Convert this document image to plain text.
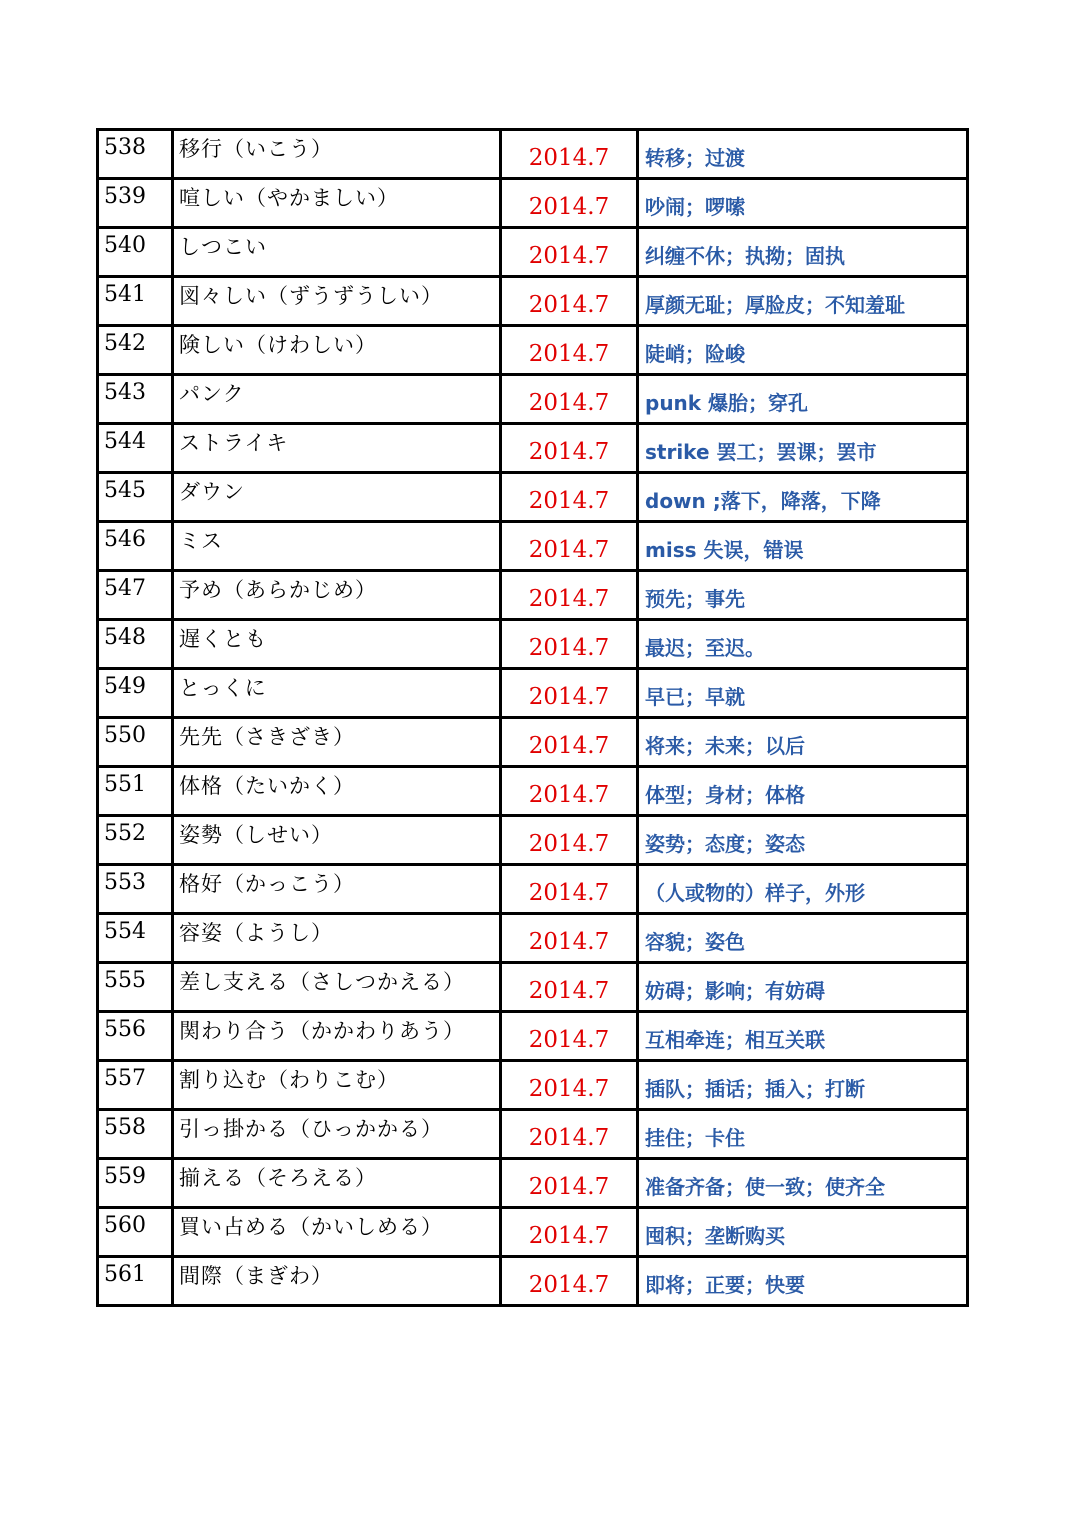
538	移行（いこう）	2014.7	转移；过渡
539	喧しい（やかましい）	2014.7	吵闹；啰嗦
540	しつこい	2014.7	纠缠不休；执拗；固执
541	図々しい（ずうずうしい）	2014.7	厚颜无耻；厚脸皮；不知羞耻
542	険しい（けわしい）	2014.7	陡峭；险峻
543	パンク	2014.7	punk 爆胎；穿孔
544	ストライキ	2014.7	strike 罢工；罢课；罢市
545	ダウン	2014.7	down ;落下，降落，下降
546	ミス	2014.7	miss 失误，错误
547	予め（あらかじめ）	2014.7	预先；事先
548	遅くとも	2014.7	最迟；至迟。
549	とっくに	2014.7	早已；早就
550	先先（さきざき）	2014.7	将来；未来；以后
551	体格（たいかく）	2014.7	体型；身材；体格
552	姿勢（しせい）	2014.7	姿势；态度；姿态
553	格好（かっこう）	2014.7	（人或物的）样子，外形
554	容姿（ようし）	2014.7	容貌；姿色
555	差し支える（さしつかえる）	2014.7	妨碍；影响；有妨碍
556	関わり合う（かかわりあう）	2014.7	互相牵连；相互关联
557	割り込む（わりこむ）	2014.7	插队；插话；插入；打断
558	引っ掛かる（ひっかかる）	2014.7	挂住；卡住
559	揃える（そろえる）	2014.7	准备齐备；使一致；使齐全
560	買い占める（かいしめる）	2014.7	囤积；垄断购买
561	間際（まぎわ）	2014.7	即将；正要；快要
